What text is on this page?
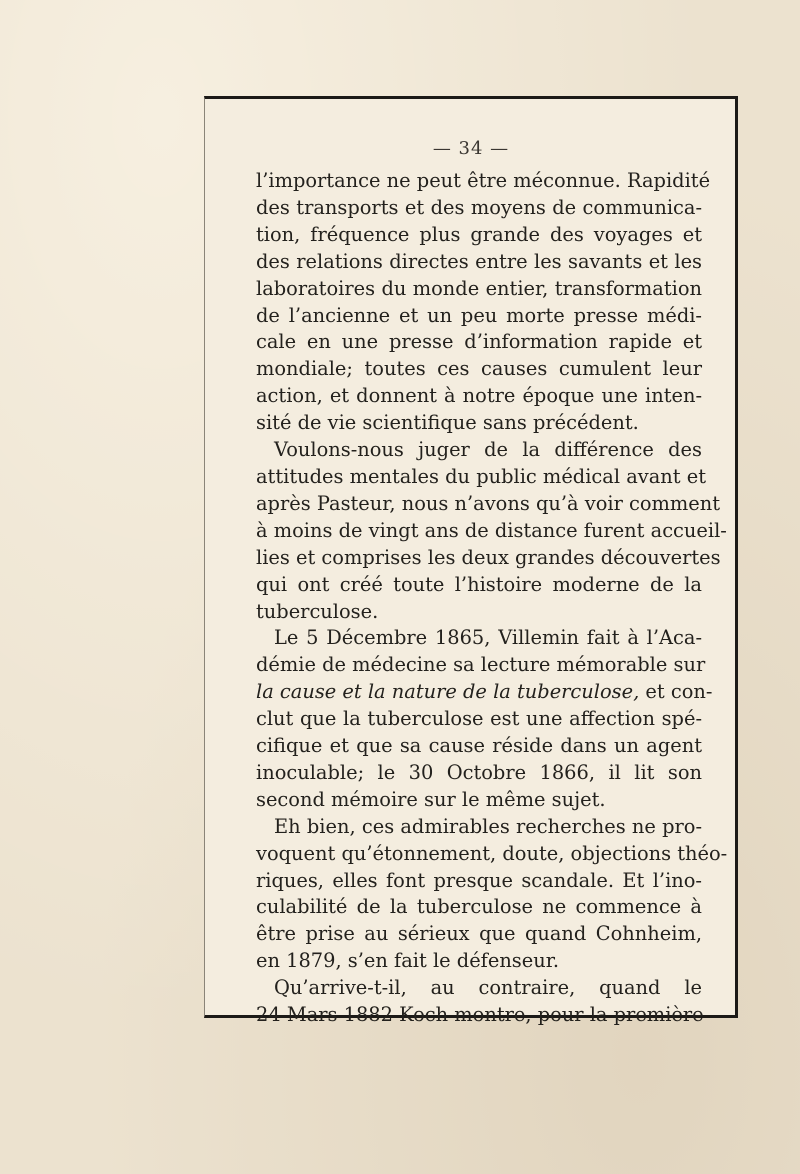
— 34 —
l’importance ne peut être méconnue. Rapidité
des transports et des moyens de communica-
tion, fréquence plus grande des voyages et
des relations directes entre les savants et les
laboratoires du monde entier, transformation
de l’ancienne et un peu morte presse médi-
cale en une presse d’information rapide et
mondiale; toutes ces causes cumulent leur
action, et donnent à notre époque une inten-
sité de vie scientifique sans précédent.
Voulons-nous juger de la différence des
attitudes mentales du public médical avant et
après Pasteur, nous n’avons qu’à voir comment
à moins de vingt ans de distance furent accueil-
lies et comprises les deux grandes découvertes
qui ont créé toute l’histoire moderne de la
tuberculose.
Le 5 Décembre 1865, Villemin fait à l’Aca-
démie de médecine sa lecture mémorable sur
la cause et la nature de la tuberculose, et con-
clut que la tuberculose est une affection spé-
cifique et que sa cause réside dans un agent
inoculable; le 30 Octobre 1866, il lit son
second mémoire sur le même sujet.
Eh bien, ces admirables recherches ne pro-
voquent qu’étonnement, doute, objections théo-
riques, elles font presque scandale. Et l’ino-
culabilité de la tuberculose ne commence à
être prise au sérieux que quand Cohnheim,
en 1879, s’en fait le défenseur.
Qu’arrive-t-il, au contraire, quand le
24 Mars 1882 Koch montre, pour la première
